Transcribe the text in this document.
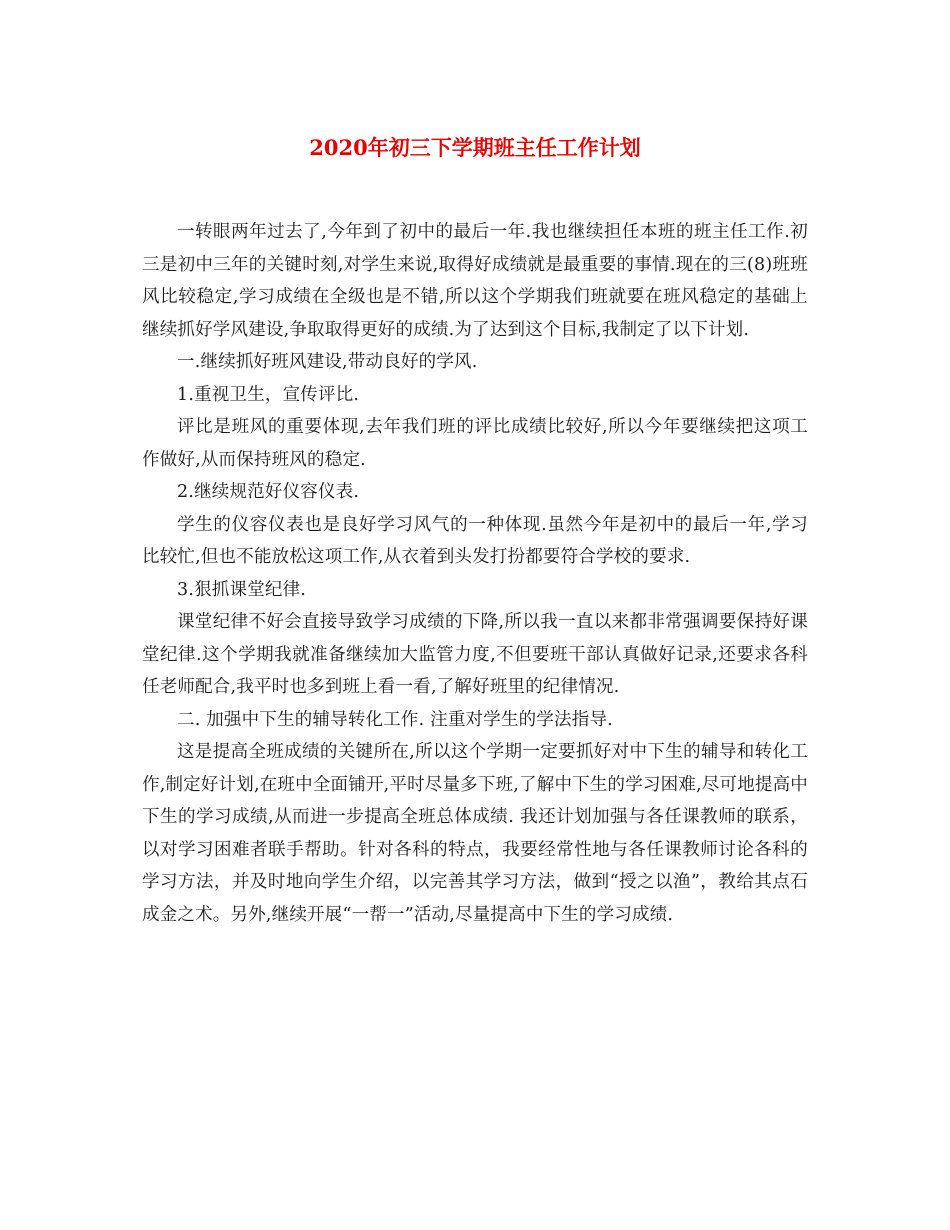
2020年初三下学期班主任工作计划

一转眼两年过去了,今年到了初中的最后一年.我也继续担任本班的班主任工作.初三是初中三年的关键时刻,对学生来说,取得好成绩就是最重要的事情.现在的三(8)班班风比较稳定,学习成绩在全级也是不错,所以这个学期我们班就要在班风稳定的基础上继续抓好学风建设,争取取得更好的成绩.为了达到这个目标,我制定了以下计划.

一.继续抓好班风建设,带动良好的学风.

1.重视卫生，宣传评比.

评比是班风的重要体现,去年我们班的评比成绩比较好,所以今年要继续把这项工作做好,从而保持班风的稳定.

2.继续规范好仪容仪表.

学生的仪容仪表也是良好学习风气的一种体现.虽然今年是初中的最后一年,学习比较忙,但也不能放松这项工作,从衣着到头发打扮都要符合学校的要求.

3.狠抓课堂纪律.

课堂纪律不好会直接导致学习成绩的下降,所以我一直以来都非常强调要保持好课堂纪律.这个学期我就准备继续加大监管力度,不但要班干部认真做好记录,还要求各科任老师配合,我平时也多到班上看一看,了解好班里的纪律情况.

二. 加强中下生的辅导转化工作. 注重对学生的学法指导.

这是提高全班成绩的关键所在,所以这个学期一定要抓好对中下生的辅导和转化工作,制定好计划,在班中全面铺开,平时尽量多下班,了解中下生的学习困难,尽可地提高中下生的学习成绩,从而进一步提高全班总体成绩. 我还计划加强与各任课教师的联系，以对学习困难者联手帮助。针对各科的特点，我要经常性地与各任课教师讨论各科的学习方法，并及时地向学生介绍，以完善其学习方法，做到“授之以渔”，教给其点石成金之术。另外,继续开展“一帮一”活动,尽量提高中下生的学习成绩.
